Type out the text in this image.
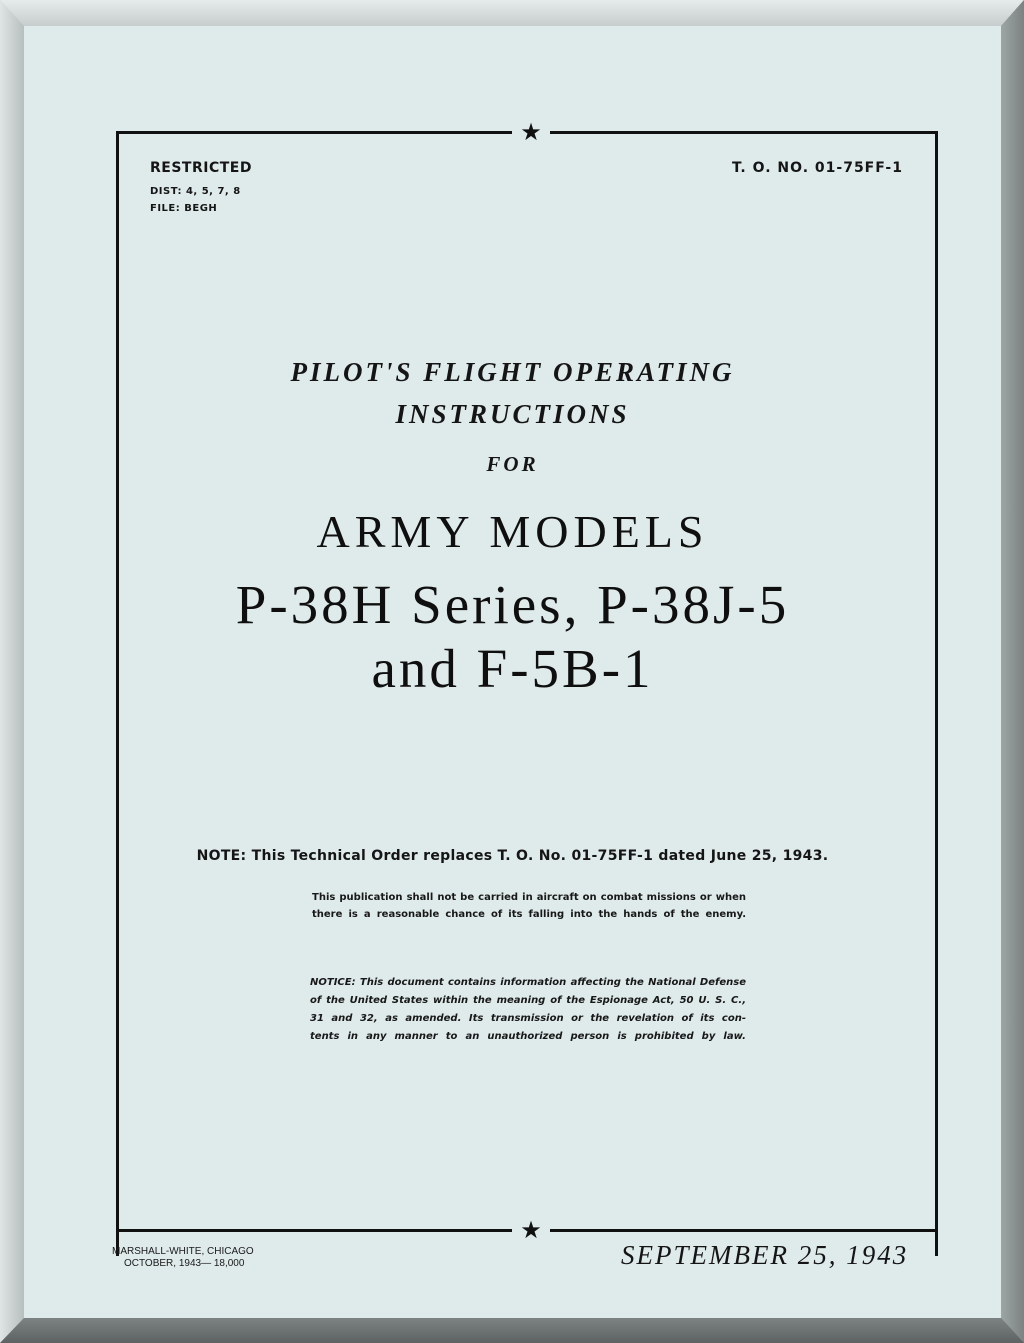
★
★
RESTRICTED
DIST: 4, 5, 7, 8
FILE: BEGH
T. O. NO. 01-75FF-1
PILOT'S FLIGHT OPERATING
INSTRUCTIONS
FOR
ARMY MODELS
P-38H Series, P-38J-5
and F-5B-1
NOTE: This Technical Order replaces T. O. No. 01-75FF-1 dated June 25, 1943.
This publication shall not be carried in aircraft on combat missions or when
there is a reasonable chance of its falling into the hands of the enemy.
NOTICE: This document contains information affecting the National Defense
of the United States within the meaning of the Espionage Act, 50 U. S. C.,
31 and 32, as amended. Its transmission or the revelation of its con-
tents in any manner to an unauthorized person is prohibited by law.
MARSHALL-WHITE, CHICAGO
OCTOBER, 1943— 18,000	SEPTEMBER 25, 1943
